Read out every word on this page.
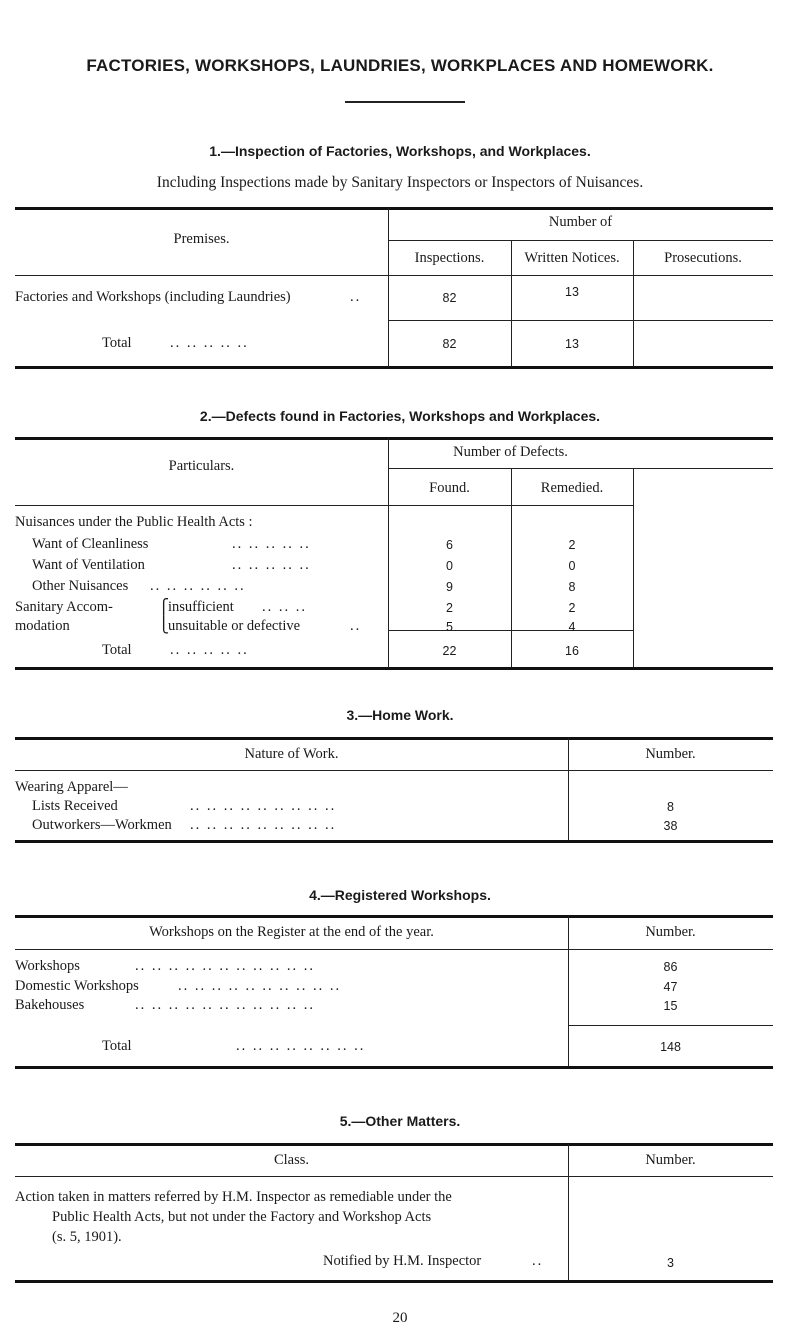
FACTORIES, WORKSHOPS, LAUNDRIES, WORKPLACES AND HOMEWORK.
1.—Inspection of Factories, Workshops, and Workplaces.
Including Inspections made by Sanitary Inspectors or Inspectors of Nuisances.
Premises.
Number of
Inspections.	Written Notices.	Prosecutions.
Factories and Workshops (including Laundries)	..	82	13
Total	.. .. .. .. ..	82	13
2.—Defects found in Factories, Workshops and Workplaces.
Particulars.
Number of Defects.
Found.	Remedied.
Nuisances under the Public Health Acts :
Want of Cleanliness	.. .. .. .. ..	6	2
Want of Ventilation	.. .. .. .. ..	0	0
Other Nuisances .. .. .. .. .. ..	9	8
Sanitary Accom-	⎧
insufficient .. .. ..	2	2
modation	⎩
unsuitable or defective	..	5	4
Total	.. .. .. .. ..	22	16
3.—Home Work.
Nature of Work.	Number.
Wearing Apparel—
Lists Received	.. .. .. .. .. .. .. .. ..	8
Outworkers—Workmen .. .. .. .. .. .. .. .. ..	38
4.—Registered Workshops.
Workshops on the Register at the end of the year.	Number.
Workshops	.. .. .. .. .. .. .. .. .. .. ..	86
Domestic Workshops	.. .. .. .. .. .. .. .. .. ..	47
Bakehouses	.. .. .. .. .. .. .. .. .. .. ..	15
Total	.. .. .. .. .. .. .. ..	148
5.—Other Matters.
Class.	Number.
Action taken in matters referred by H.M. Inspector as remediable under the
Public Health Acts, but not under the Factory and Workshop Acts
(s. 5, 1901).
Notified by H.M. Inspector	..	3
20
